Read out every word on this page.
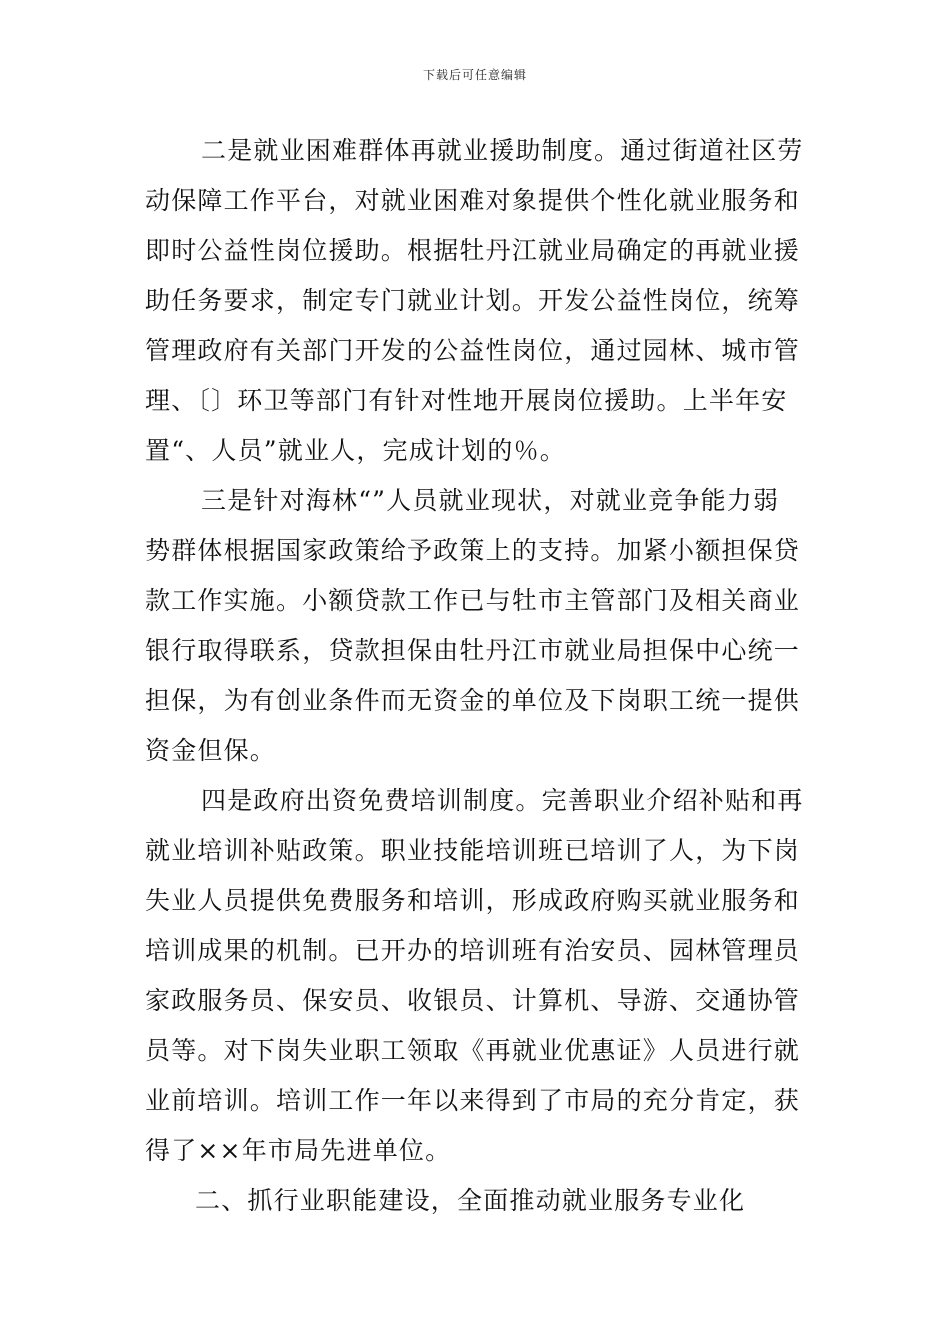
下载后可任意编辑
二是就业困难群体再就业援助制度。通过街道社区劳
动保障工作平台，对就业困难对象提供个性化就业服务和
即时公益性岗位援助。根据牡丹江就业局确定的再就业援
助任务要求，制定专门就业计划。开发公益性岗位，统筹
管理政府有关部门开发的公益性岗位，通过园林、城市管
理、〔〕环卫等部门有针对性地开展岗位援助。上半年安
置“、人员”就业人，完成计划的％。
三是针对海林“”人员就业现状，对就业竞争能力弱
势群体根据国家政策给予政策上的支持。加紧小额担保贷
款工作实施。小额贷款工作已与牡市主管部门及相关商业
银行取得联系，贷款担保由牡丹江市就业局担保中心统一
担保，为有创业条件而无资金的单位及下岗职工统一提供
资金但保。
四是政府出资免费培训制度。完善职业介绍补贴和再
就业培训补贴政策。职业技能培训班已培训了人，为下岗
失业人员提供免费服务和培训，形成政府购买就业服务和
培训成果的机制。已开办的培训班有治安员、园林管理员
家政服务员、保安员、收银员、计算机、导游、交通协管
员等。对下岗失业职工领取《再就业优惠证》人员进行就
业前培训。培训工作一年以来得到了市局的充分肯定，获
得了××年市局先进单位。
二、抓行业职能建设，全面推动就业服务专业化
